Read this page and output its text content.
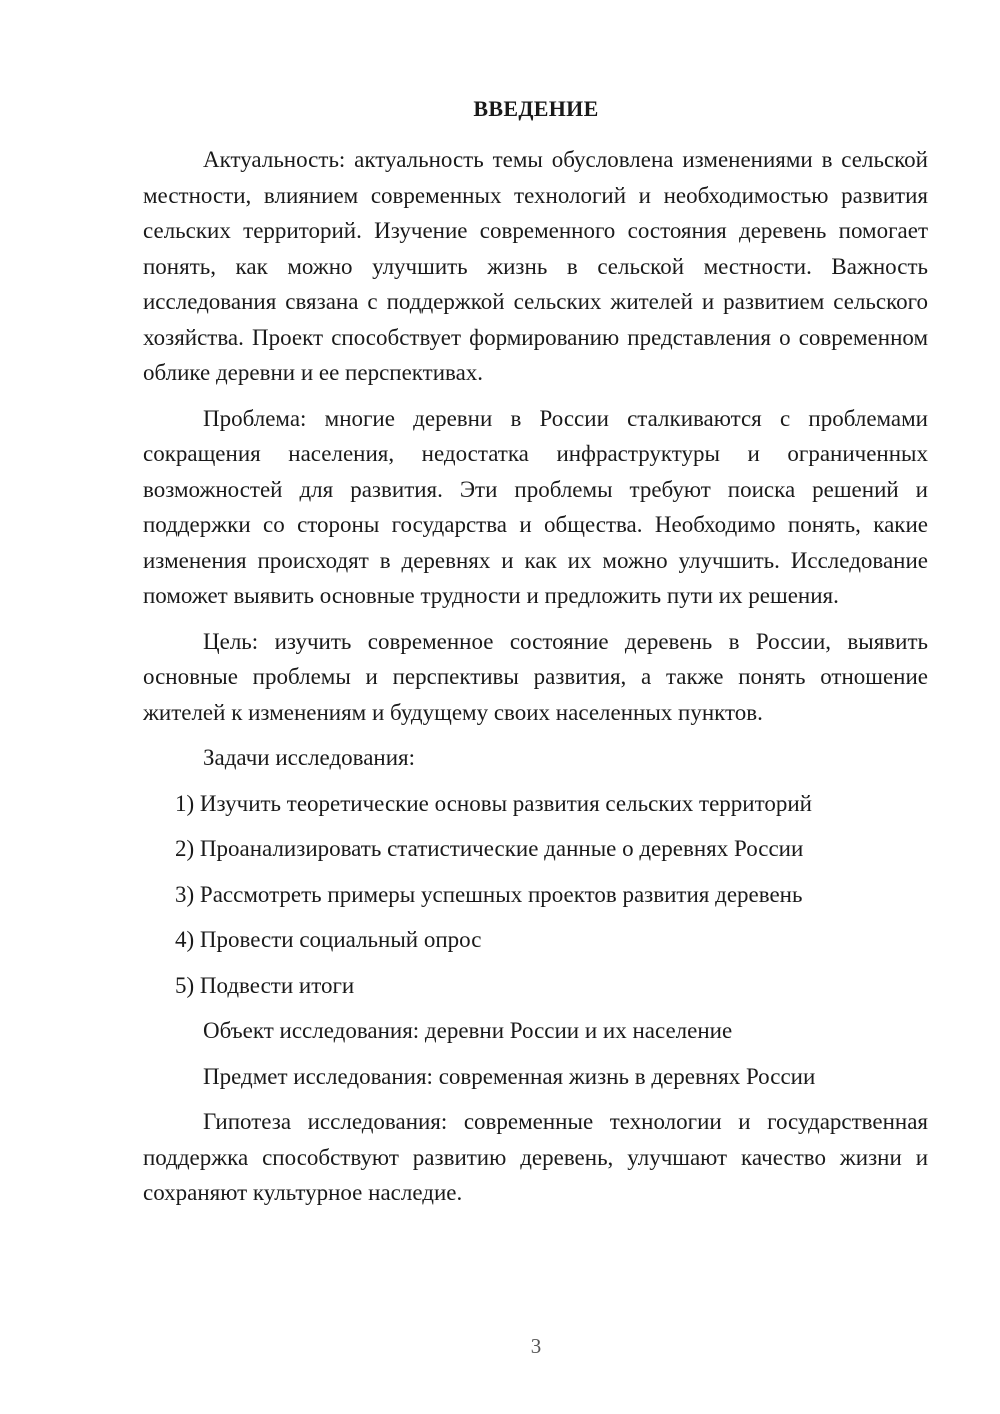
ВВЕДЕНИЕ

Актуальность: актуальность темы обусловлена изменениями в сельской местности, влиянием современных технологий и необходимостью развития сельских территорий. Изучение современного состояния деревень помогает понять, как можно улучшить жизнь в сельской местности. Важность исследования связана с поддержкой сельских жителей и развитием сельского хозяйства. Проект способствует формированию представления о современном облике деревни и ее перспективах.

Проблема: многие деревни в России сталкиваются с проблемами сокращения населения, недостатка инфраструктуры и ограниченных возможностей для развития. Эти проблемы требуют поиска решений и поддержки со стороны государства и общества. Необходимо понять, какие изменения происходят в деревнях и как их можно улучшить. Исследование поможет выявить основные трудности и предложить пути их решения.

Цель: изучить современное состояние деревень в России, выявить основные проблемы и перспективы развития, а также понять отношение жителей к изменениям и будущему своих населенных пунктов.

Задачи исследования:

1) Изучить теоретические основы развития сельских территорий

2) Проанализировать статистические данные о деревнях России

3) Рассмотреть примеры успешных проектов развития деревень

4) Провести социальный опрос

5) Подвести итоги

Объект исследования: деревни России и их население

Предмет исследования: современная жизнь в деревнях России

Гипотеза исследования: современные технологии и государственная поддержка способствуют развитию деревень, улучшают качество жизни и сохраняют культурное наследие.

3
